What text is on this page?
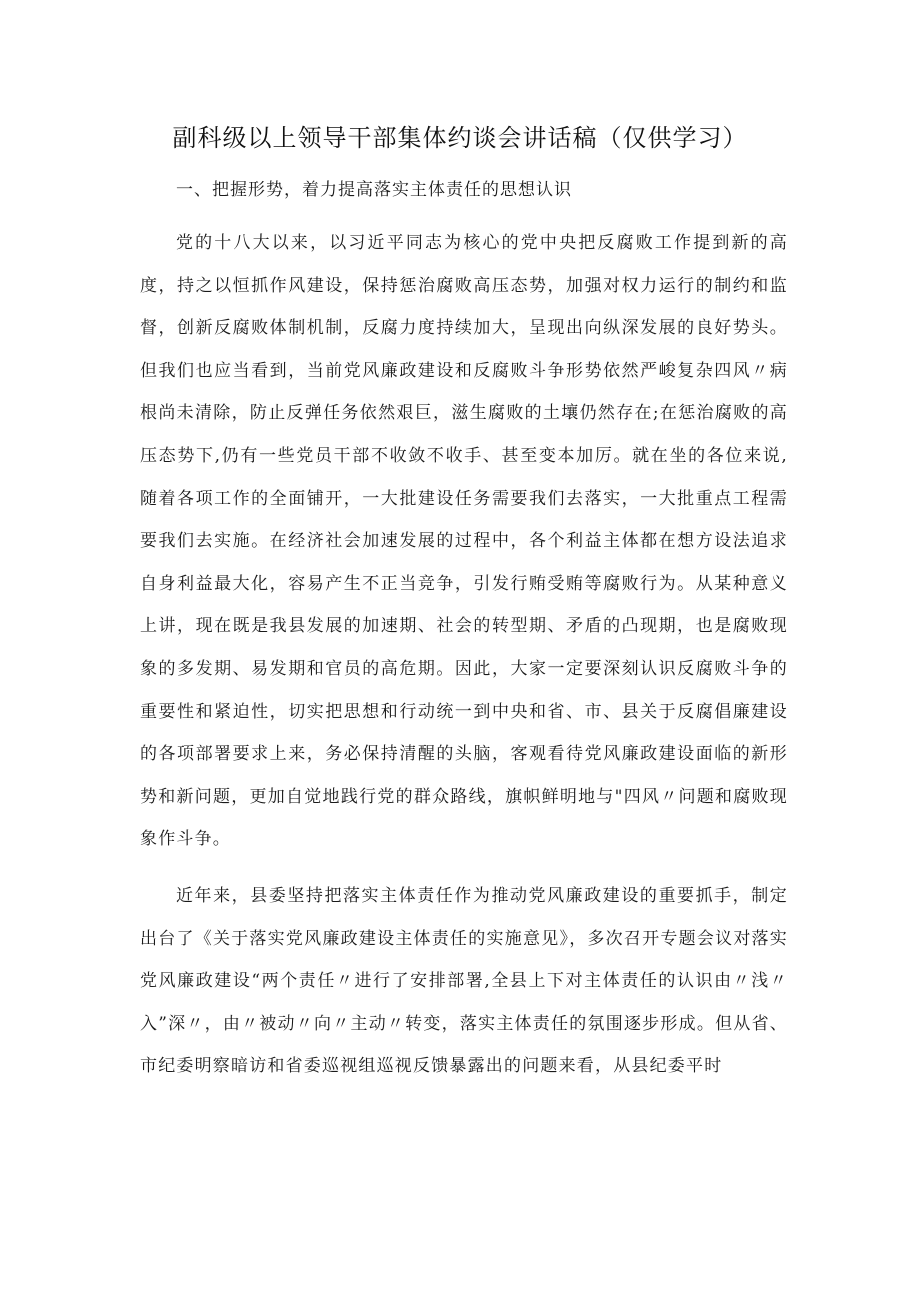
副科级以上领导干部集体约谈会讲话稿（仅供学习）

一、把握形势，着力提高落实主体责任的思想认识

党的十八大以来，以习近平同志为核心的党中央把反腐败工作提到新的高度，持之以恒抓作风建设，保持惩治腐败高压态势，加强对权力运行的制约和监督，创新反腐败体制机制，反腐力度持续加大，呈现出向纵深发展的良好势头。但我们也应当看到，当前党风廉政建设和反腐败斗争形势依然严峻复杂四风〃病根尚未清除，防止反弹任务依然艰巨，滋生腐败的土壤仍然存在;在惩治腐败的高压态势下,仍有一些党员干部不收敛不收手、甚至变本加厉。就在坐的各位来说,随着各项工作的全面铺开，一大批建设任务需要我们去落实，一大批重点工程需要我们去实施。在经济社会加速发展的过程中，各个利益主体都在想方设法追求自身利益最大化，容易产生不正当竞争，引发行贿受贿等腐败行为。从某种意义上讲，现在既是我县发展的加速期、社会的转型期、矛盾的凸现期，也是腐败现象的多发期、易发期和官员的高危期。因此，大家一定要深刻认识反腐败斗争的重要性和紧迫性，切实把思想和行动统一到中央和省、市、县关于反腐倡廉建设的各项部署要求上来，务必保持清醒的头脑，客观看待党风廉政建设面临的新形势和新问题，更加自觉地践行党的群众路线，旗帜鲜明地与"四风〃问题和腐败现象作斗争。

近年来，县委坚持把落实主体责任作为推动党风廉政建设的重要抓手，制定出台了《关于落实党风廉政建设主体责任的实施意见》，多次召开专题会议对落实党风廉政建设“两个责任〃进行了安排部署,全县上下对主体责任的认识由〃浅〃入”深〃，由〃被动〃向〃主动〃转变，落实主体责任的氛围逐步形成。但从省、市纪委明察暗访和省委巡视组巡视反馈暴露出的问题来看，从县纪委平时
